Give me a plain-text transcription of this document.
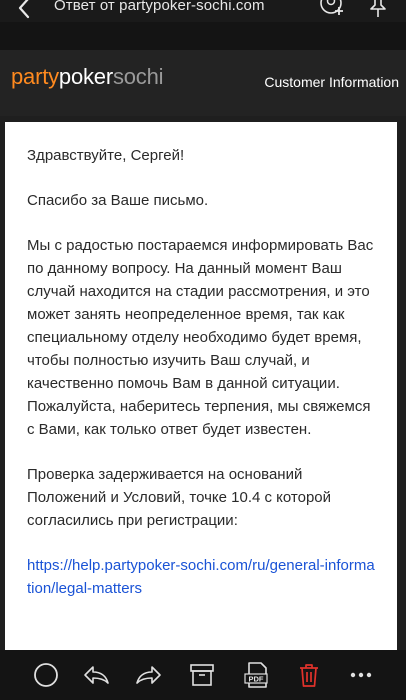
Ответ от partypoker-sochi.com
partypokersochi	Customer Information

Здравствуйте, Сергей!

Спасибо за Ваше письмо.

Мы с радостью постараемся информировать Вас по данному вопросу. На данный момент Ваш случай находится на стадии рассмотрения, и это может занять неопределенное время, так как специальному отделу необходимо будет время, чтобы полностью изучить Ваш случай, и качественно помочь Вам в данной ситуации. Пожалуйста, наберитесь терпения, мы свяжемся с Вами, как только ответ будет известен.

Проверка задерживается на оснований Положений и Условий, точке 10.4 с которой согласились при регистрации:

https://help.partypoker-sochi.com/ru/general-information/legal-matters

PDF
